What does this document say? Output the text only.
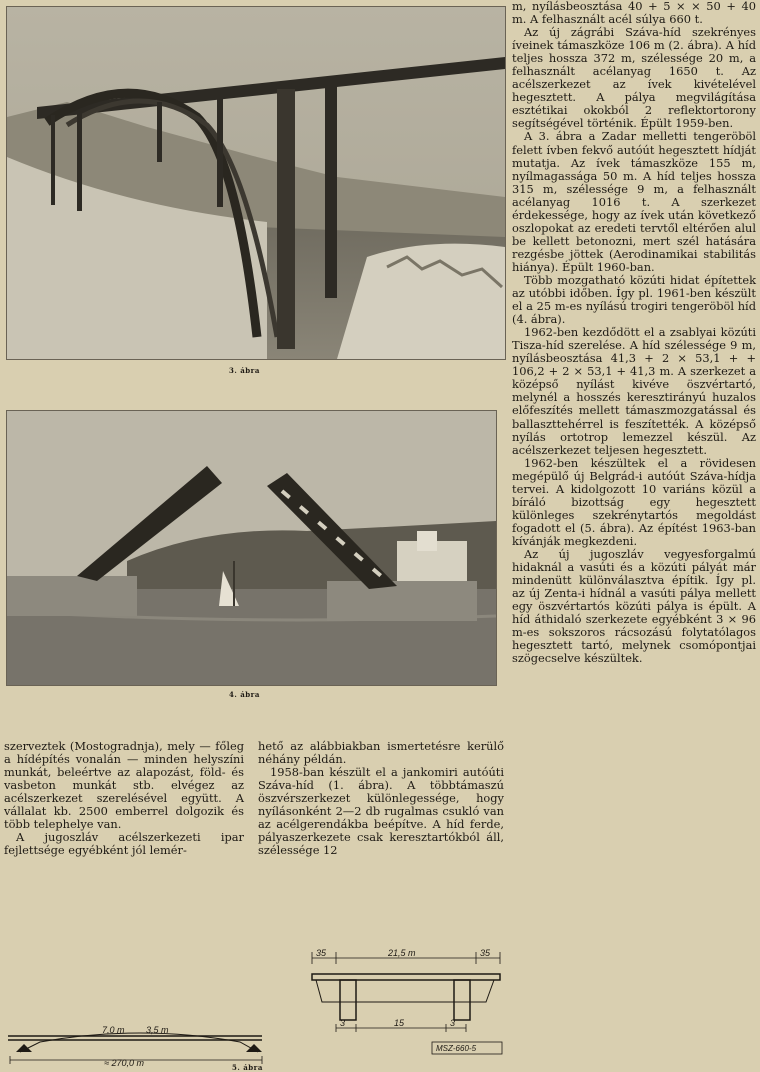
3. ábra
4. ábra

m, nyílásbeosztása 40 + 5 × × 50 + 40 m. A felhasznált acél súlya 660 t.

Az új zágrábi Száva-híd szekrényes íveinek támaszköze 106 m (2. ábra). A híd teljes hossza 372 m, szélessége 20 m, a felhasznált acélanyag 1650 t. Az acélszerkezet az ívek kivételével hegesztett. A pálya megvilágítása esztétikai okokból 2 reflektortorony segítségével történik. Épült 1959-ben.

A 3. ábra a Zadar melletti tengeröböl felett ívben fekvő autóút hegesztett hídját mutatja. Az ívek támaszköze 155 m, nyílmagassága 50 m. A híd teljes hossza 315 m, szélessége 9 m, a felhasznált acélanyag 1016 t. A szerkezet érdekessége, hogy az ívek után következő oszlopokat az eredeti tervtől eltérően alul be kellett betonozni, mert szél hatására rezgésbe jöttek (Aerodinamikai stabilitás hiánya). Épült 1960-ban.

Több mozgatható közúti hidat építettek az utóbbi időben. Így pl. 1961-ben készült el a 25 m-es nyílású trogiri tengeröböl híd (4. ábra).

1962-ben kezdődött el a zsablyai közúti Tisza-híd szerelése. A híd szélessége 9 m, nyílásbeosztása 41,3 + 2 × 53,1 + + 106,2 + 2 × 53,1 + 41,3 m. A szerkezet a középső nyílást kivéve öszvértartó, melynél a hosszés keresztirányú huzalos előfeszítés mellett támaszmozgatással és ballaszttehérrel is feszítették. A középső nyílás ortotrop lemezzel készül. Az acélszerkezet teljesen hegesztett.

1962-ben készültek el a rövidesen megépülő új Belgrád-i autóút Száva-hídja tervei. A kidolgozott 10 variáns közül a bíráló bizottság egy hegesztett különleges szekrénytartós megoldást fogadott el (5. ábra). Az építést 1963-ban kívánják megkezdeni.

Az új jugoszláv vegyesforgalmú hidaknál a vasúti és a közúti pályát már mindenütt különválasztva építik. Így pl. az új Zenta-i hídnál a vasúti pálya mellett egy öszvértartós közúti pálya is épült. A híd áthidaló szerkezete egyébként 3 × 96 m-es sokszoros rácsozású folytatólagos hegesztett tartó, melynek csomópontjai szögecselve készültek.

szerveztek (Mostogradnja), mely — főleg a hídépítés vonalán — minden helyszíni munkát, beleértve az alapozást, föld- és vasbeton munkát stb. elvégez az acélszerkezet szerelésével együtt. A vállalat kb. 2500 emberrel dolgozik és több telephelye van.

A jugoszláv acélszerkezeti ipar fejlettsége egyébként jól lemér-

hető az alábbiakban ismertetésre kerülő néhány példán.

1958-ban készült el a jankomiri autóúti Száva-híd (1. ábra). A többtámaszú öszvérszerkezet különlegessége, hogy nyílásonként 2—2 db rugalmas csukló van az acélgerendákba beépítve. A híd ferde, pályaszerkezete csak keresztartókból áll, szélessége 12

7,0 m 3,5 m
≈ 270,0 m	5. ábra
35	21,5 m	35
3	15	3
MSZ-660-5
